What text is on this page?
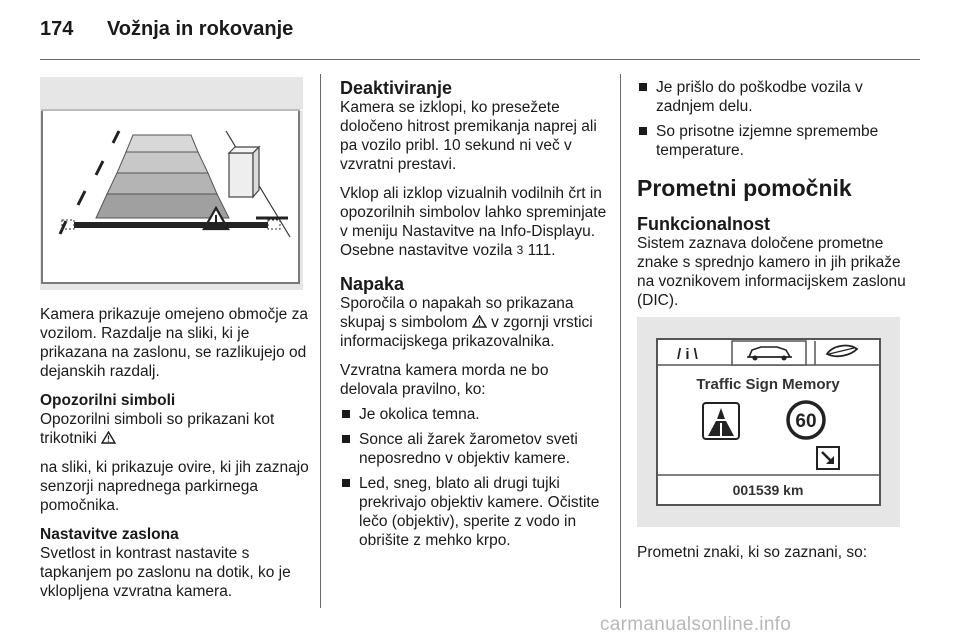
174 Vožnja in rokovanje

Kamera prikazuje omejeno območje za vozilom. Razdalje na sliki, ki je prikazana na zaslonu, se razlikujejo od dejanskih razdalj.

Opozorilni simboli

Opozorilni simboli so prikazani kot trikotniki

na sliki, ki prikazuje ovire, ki jih zaznajo senzorji naprednega parkirnega pomočnika.

Nastavitve zaslona

Svetlost in kontrast nastavite s tapkanjem po zaslonu na dotik, ko je vklopljena vzvratna kamera.

Deaktiviranje

Kamera se izklopi, ko presežete določeno hitrost premikanja naprej ali pa vozilo pribl. 10 sekund ni več v vzvratni prestavi.

Vklop ali izklop vizualnih vodilnih črt in opozorilnih simbolov lahko spreminjate v meniju Nastavitve na Info-Displayu. Osebne nastavitve vozila 3 111.

Napaka

Sporočila o napakah so prikazana skupaj s simbolom  v zgornji vrstici informacijskega prikazovalnika.

Vzvratna kamera morda ne bo delovala pravilno, ko:

Je okolica temna.
Sonce ali žarek žarometov sveti neposredno v objektiv kamere.
Led, sneg, blato ali drugi tujki prekrivajo objektiv kamere. Očistite lečo (objektiv), sperite z vodo in obrišite z mehko krpo.
Je prišlo do poškodbe vozila v zadnjem delu.
So prisotne izjemne spremembe temperature.

Prometni pomočnik

Funkcionalnost

Sistem zaznava določene prometne znake s sprednjo kamero in jih prikaže na voznikovem informacijskem zaslonu (DIC).

/ i \
Traffic Sign Memory
60
001539 km
Prometni znaki, ki so zaznani, so:
carmanualsonline.info
